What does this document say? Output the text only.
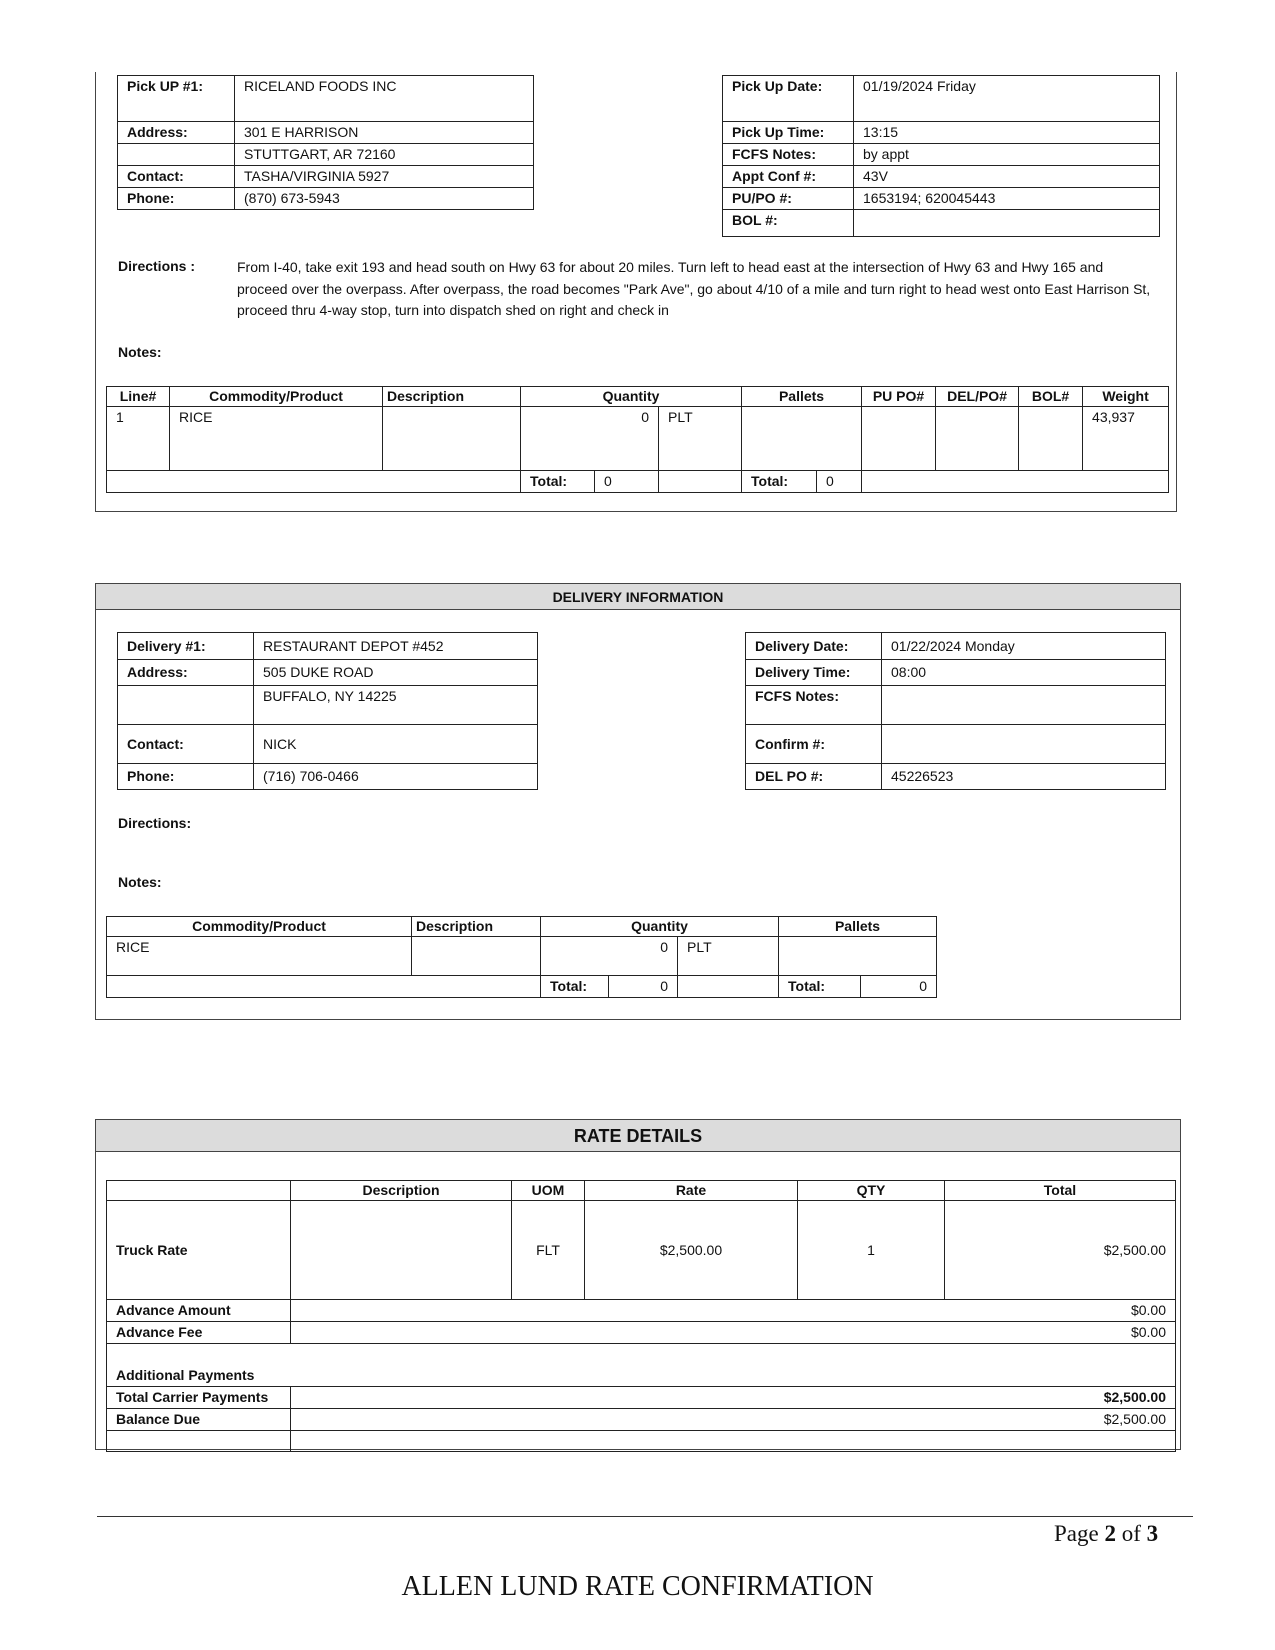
Pick UP #1:	RICELAND FOODS INC
Address:	301 E HARRISON
	STUTTGART, AR 72160
Contact:	TASHA/VIRGINIA 5927
Phone:	(870) 673-5943
Pick Up Date:	01/19/2024 Friday
Pick Up Time:	13:15
FCFS Notes:	by appt
Appt Conf #:	43V
PU/PO #:	1653194; 620045443
BOL #:	
Directions :	From I-40, take exit 193 and head south on Hwy 63 for about 20 miles. Turn left to head east at the intersection of Hwy 63 and Hwy 165 and proceed over the overpass. After overpass, the road becomes "Park Ave", go about 4/10 of a mile and turn right to head west onto East Harrison St, proceed thru 4-way stop, turn into dispatch shed on right and check in
Notes:
Line#	Commodity/Product	Description	Quantity			Pallets		PU PO#	DEL/PO#	BOL#	Weight
1	RICE		0		PLT						43,937
			Total:	0		Total:	0				
DELIVERY INFORMATION
Delivery #1:	RESTAURANT DEPOT #452
Address:	505 DUKE ROAD
	BUFFALO, NY 14225
Contact:	NICK
Phone:	(716) 706-0466
Delivery Date:	01/22/2024 Monday
Delivery Time:	08:00
FCFS Notes:	
Confirm #:	
DEL PO #:	45226523
Directions:
Notes:
Commodity/Product	Description	Quantity			Pallets	
RICE		0		PLT		
		Total:	0		Total:	0
RATE DETAILS
	Description	UOM	Rate	QTY	Total
Truck Rate		FLT	$2,500.00	1	$2,500.00
Advance Amount	$0.00				
Advance Fee	$0.00				
Additional Payments					
Total Carrier Payments	$2,500.00				
Balance Due	$2,500.00				

Page 2 of 3
ALLEN LUND RATE CONFIRMATION
